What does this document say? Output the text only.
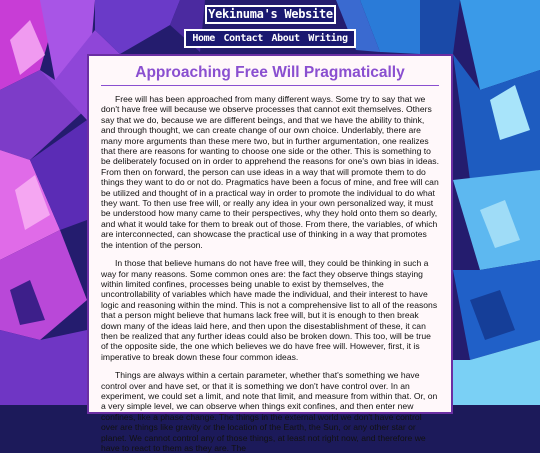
Yekinuma's Website
Home Contact About Writing
Approaching Free Will Pragmatically

Free will has been approached from many different ways. Some try to say that we don't have free will because we observe processes that cannot exit themselves. Others say that we do, because we are different beings, and that we have the ability to think, and through thought, we can create change of our own choice. Underlably, there are many more arguments than these mere two, but in further argumentation, one realizes that there are reasons for wanting to choose one side or the other. This is something to be deliberately focused on in order to apprehend the reasons for one's own bias in ideas. From then on forward, the person can use ideas in a way that will promote them to do things they want to do or not do. Pragmatics have been a focus of mine, and free will can be utilized and thought of in a practical way in order to promote the individual to do what they want. To then use free will, or really any idea in your own personalized way, it must be understood how many came to their perspectives, why they hold onto them so dearly, and what it would take for them to break out of those. From there, the variables, of which are interconnected, can showcase the practical use of thinking in a way that promotes the intention of the person.

In those that believe humans do not have free will, they could be thinking in such a way for many reasons. Some common ones are: the fact they observe things staying within limited confines, processes being unable to exist by themselves, the uncontrollability of variables which have made the individual, and their interest to have logic and reasoning within the mind. This is not a comprehensive list to all of the reasons that a person might believe that humans lack free will, but it is enough to then break down many of the ideas laid here, and then upon the disestablishment of these, it can then be realized that any further ideas could also be broken down. This too, will be true of the opposite side, the one which believes we do have free will. However, first, it is imperative to break down these four common ideas.

Things are always within a certain parameter, whether that's something we have control over and have set, or that it is something we don't have control over. In an experiment, we could set a limit, and note that limit, and measure from within that. Or, on a very simple level, we can observe when things exit confines, and then enter new confines, like a phase change. The things in the external world we don't have control over are things like gravity or the location of the Earth, the Sun, or any other star or planet. We cannot control any of those things, at least not right now, and therefore we have to react to them as they are. The
